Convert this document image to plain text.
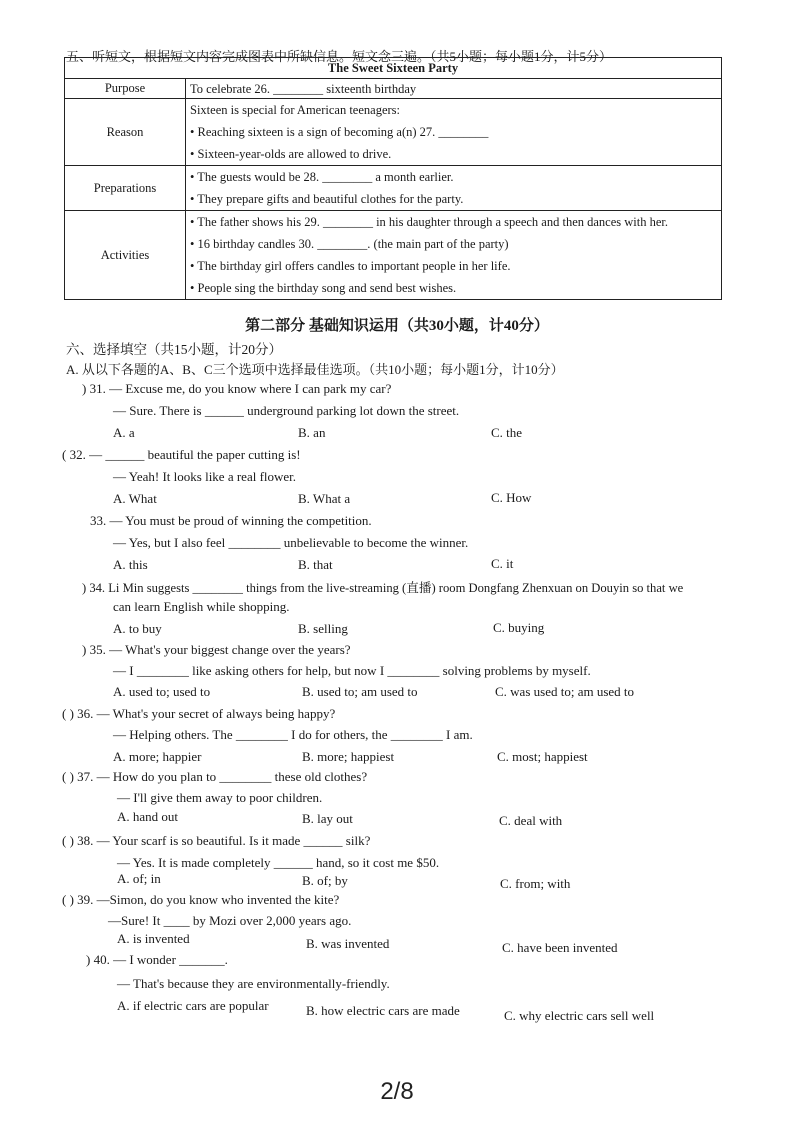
五、听短文，根据短文内容完成图表中所缺信息。短文念三遍。（共5小题；每小题1分，计5分）
The Sweet Sixteen Party	
Purpose	To celebrate 26. ________ sixteenth birthday

Reason	Sixteen is special for American teenagers:
• Reaching sixteen is a sign of becoming a(n) 27. ________
• Sixteen-year-olds are allowed to drive.

Preparations	• The guests would be 28. ________ a month earlier.
• They prepare gifts and beautiful clothes for the party.

Activities	• The father shows his 29. ________ in his daughter through a speech and then dances with her.
• 16 birthday candles 30. ________. (the main part of the party)
• The birthday girl offers candles to important people in her life.
• People sing the birthday song and send best wishes.
第二部分 基础知识运用（共30小题，计40分）
六、选择填空（共15小题，计20分）
A. 从以下各题的A、B、C三个选项中选择最佳选项。（共10小题；每小题1分，计10分）
) 31. — Excuse me, do you know where I can park my car?
— Sure. There is ______ underground parking lot down the street.
A. a	B. an	C. the
( 32. — ______ beautiful the paper cutting is!
— Yeah! It looks like a real flower.
A. What	B. What a	C. How
33. — You must be proud of winning the competition.
— Yes, but I also feel ________ unbelievable to become the winner.
A. this	B. that	C. it
) 34. Li Min suggests ________ things from the live-streaming (直播) room Dongfang Zhenxuan on Douyin so that we
can learn English while shopping.
A. to buy	B. selling	C. buying
) 35. — What's your biggest change over the years?
— I ________ like asking others for help, but now I ________ solving problems by myself.
A. used to; used to	B. used to; am used to	C. was used to; am used to
( ) 36. — What's your secret of always being happy?
— Helping others. The ________ I do for others, the ________ I am.
A. more; happier	B. more; happiest	C. most; happiest
( ) 37. — How do you plan to ________ these old clothes?
— I'll give them away to poor children.
A. hand out	B. lay out	C. deal with
( ) 38. — Your scarf is so beautiful. Is it made ______ silk?
— Yes. It is made completely ______ hand, so it cost me $50.
A. of; in	B. of; by	C. from; with
( ) 39. —Simon, do you know who invented the kite?
—Sure! It ____ by Mozi over 2,000 years ago.
A. is invented	B. was invented	C. have been invented
) 40. — I wonder _______.
— That's because they are environmentally-friendly.
A. if electric cars are popular	B. how electric cars are made	C. why electric cars sell well
2/8
